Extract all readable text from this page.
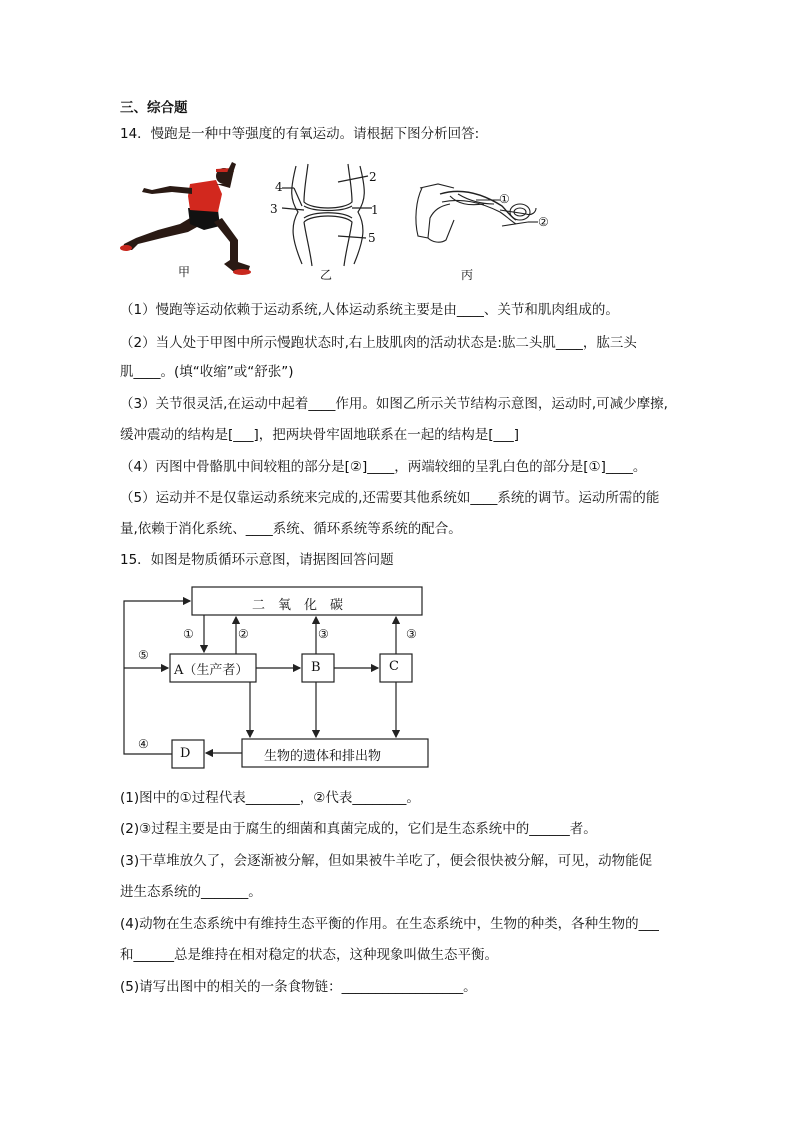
三、综合题
14．慢跑是一种中等强度的有氧运动。请根据下图分析回答:
甲
1
2
3
4
5
乙
①
②
丙
（1）慢跑等运动依赖于运动系统,人体运动系统主要是由____、关节和肌肉组成的。
（2）当人处于甲图中所示慢跑状态时,右上肢肌肉的活动状态是:肱二头肌____，肱三头
肌____。(填“收缩”或“舒张”)
（3）关节很灵活,在运动中起着____作用。如图乙所示关节结构示意图，运动时,可减少摩擦,
缓冲震动的结构是[___]，把两块骨牢固地联系在一起的结构是[___]
（4）丙图中骨骼肌中间较粗的部分是[②]____，两端较细的呈乳白色的部分是[①]____。
（5）运动并不是仅靠运动系统来完成的,还需要其他系统如____系统的调节。运动所需的能
量,依赖于消化系统、____系统、循环系统等系统的配合。
15．如图是物质循环示意图，请据图回答问题
二　氧　化　碳
A（生产者）	B	C
D	生物的遗体和排出物
①	②	③	③
④
⑤
(1)图中的①过程代表________，②代表________。
(2)③过程主要是由于腐生的细菌和真菌完成的，它们是生态系统中的______者。
(3)干草堆放久了，会逐渐被分解，但如果被牛羊吃了，便会很快被分解，可见，动物能促
进生态系统的_______。
(4)动物在生态系统中有维持生态平衡的作用。在生态系统中，生物的种类，各种生物的___
和______总是维持在相对稳定的状态，这种现象叫做生态平衡。
(5)请写出图中的相关的一条食物链：__________________。
